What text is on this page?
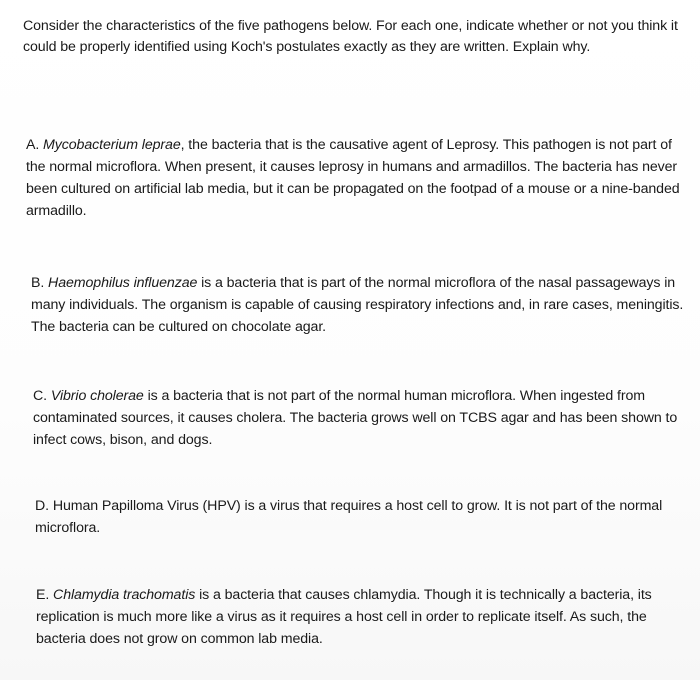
Consider the characteristics of the five pathogens below. For each one, indicate whether or not you think it could be properly identified using Koch's postulates exactly as they are written. Explain why.
A. Mycobacterium leprae, the bacteria that is the causative agent of Leprosy. This pathogen is not part of the normal microflora. When present, it causes leprosy in humans and armadillos. The bacteria has never been cultured on artificial lab media, but it can be propagated on the footpad of a mouse or a nine-banded armadillo.
B. Haemophilus influenzae is a bacteria that is part of the normal microflora of the nasal passageways in many individuals. The organism is capable of causing respiratory infections and, in rare cases, meningitis. The bacteria can be cultured on chocolate agar.
C. Vibrio cholerae is a bacteria that is not part of the normal human microflora. When ingested from contaminated sources, it causes cholera. The bacteria grows well on TCBS agar and has been shown to infect cows, bison, and dogs.
D. Human Papilloma Virus (HPV) is a virus that requires a host cell to grow. It is not part of the normal microflora.
E. Chlamydia trachomatis is a bacteria that causes chlamydia. Though it is technically a bacteria, its replication is much more like a virus as it requires a host cell in order to replicate itself. As such, the bacteria does not grow on common lab media.
